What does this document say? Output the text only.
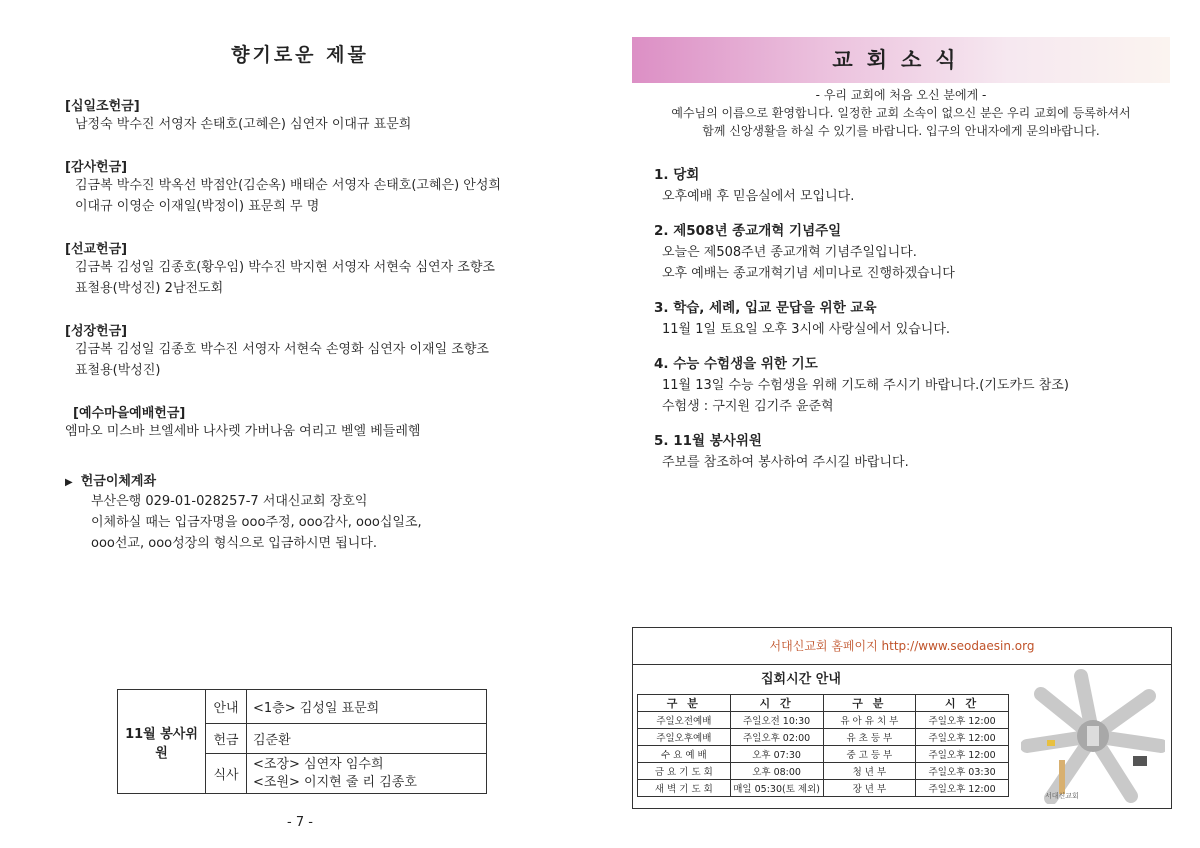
향기로운 제물
[십일조헌금]
남정숙 박수진 서영자 손태호(고혜은) 심연자 이대규 표문희
[감사헌금]
김금복 박수진 박옥선 박점안(김순옥) 배태순 서영자 손태호(고혜은) 안성희
이대규 이영순 이재일(박정이) 표문희 무 명
[선교헌금]
김금복 김성일 김종호(황우임) 박수진 박지현 서영자 서현숙 심연자 조향조
표철용(박성진) 2남전도회
[성장헌금]
김금복 김성일 김종호 박수진 서영자 서현숙 손영화 심연자 이재일 조향조
표철용(박성진)
[예수마을예배헌금]
엠마오 미스바 브엘세바 나사렛 가버나움 여리고 벧엘 베들레헴
▶ 헌금이체계좌
부산은행 029-01-028257-7 서대신교회 장호익
이체하실 때는 입금자명을 ooo주정, ooo감사, ooo십일조,
ooo선교, ooo성장의 형식으로 입금하시면 됩니다.
11월 봉사위원	안내	<1층> 김성일 표문희
	헌금	김준환
	식사	<조장> 심연자 임수희
<조원> 이지현 줄 리 김종호
- 7 -
교회소식
- 우리 교회에 처음 오신 분에게 -
예수님의 이름으로 환영합니다. 일정한 교회 소속이 없으신 분은 우리 교회에 등록하셔서
함께 신앙생활을 하실 수 있기를 바랍니다. 입구의 안내자에게 문의바랍니다.
1. 당회
오후예배 후 믿음실에서 모입니다.
2. 제508년 종교개혁 기념주일
오늘은 제508주년 종교개혁 기념주일입니다.
오후 예배는 종교개혁기념 세미나로 진행하겠습니다
3. 학습, 세례, 입교 문답을 위한 교육
11월 1일 토요일 오후 3시에 사랑실에서 있습니다.
4. 수능 수험생을 위한 기도
11월 13일 수능 수험생을 위해 기도해 주시기 바랍니다.(기도카드 참조)
수험생 : 구지원 김기주 윤준혁
5. 11월 봉사위원
주보를 참조하여 봉사하여 주시길 바랍니다.
서대신교회 홈페이지 http://www.seodaesin.org
집회시간 안내
구 분	시 간	구 분	시 간
주일오전예배	주일오전 10:30	유 아 유 치 부	주일오후 12:00
주일오후예배	주일오후 02:00	유 초 등 부	주일오후 12:00
수 요 예 배	오후 07:30	중 고 등 부	주일오후 12:00
금 요 기 도 회	오후 08:00	청 년 부	주일오후 03:30
새 벽 기 도 회	매일 05:30(토 제외)	장 년 부	주일오후 12:00
서대신교회
